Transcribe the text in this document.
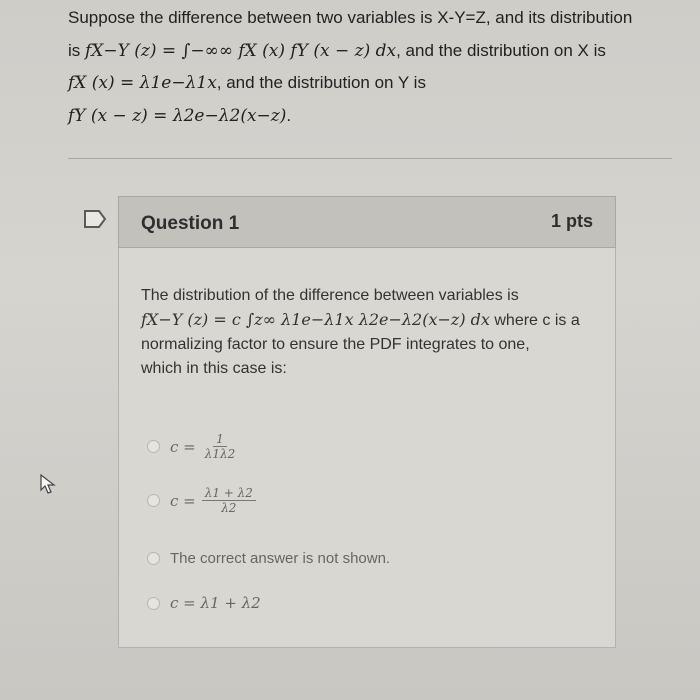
Suppose the difference between two variables is X-Y=Z, and its distribution

is fX−Y (z) = ∫−∞∞ fX (x) fY (x − z) dx, and the distribution on X is

fX (x) = λ1e−λ1x, and the distribution on Y is

fY (x − z) = λ2e−λ2(x−z).

Question 1	1 pts

The distribution of the difference between variables is

fX−Y (z) = c ∫z∞ λ1e−λ1x λ2e−λ2(x−z) dx where c is a

normalizing factor to ensure the PDF integrates to one,

which in this case is:

$c = \frac{1}{\lambda 1\lambda 2}$
$c = \frac{\lambda 1 + \lambda 2}{\lambda 2}$
The correct answer is not shown.
c = λ1 + λ2
